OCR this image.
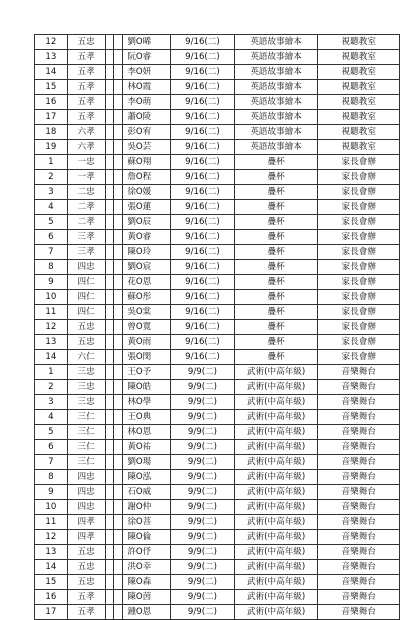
12	五忠			劉O晞	9/16(二)	英語故事繪本	視聽教室
13	五孝			阮O睿	9/16(二)	英語故事繪本	視聽教室
14	五孝			李O妍	9/16(二)	英語故事繪本	視聽教室
15	五孝			林O霞	9/16(二)	英語故事繪本	視聽教室
16	五孝			李O萌	9/16(二)	英語故事繪本	視聽教室
17	五孝			蕭O陵	9/16(二)	英語故事繪本	視聽教室
18	六孝			彭O宥	9/16(二)	英語故事繪本	視聽教室
19	六孝			吳O芸	9/16(二)	英語故事繪本	視聽教室
1	一忠			蘇O翔	9/16(二)	疊杯	家長會辦
2	一孝			詹O程	9/16(二)	疊杯	家長會辦
3	二忠			徐O媛	9/16(二)	疊杯	家長會辦
4	二孝			張O蓮	9/16(二)	疊杯	家長會辦
5	二孝			劉O辰	9/16(二)	疊杯	家長會辦
6	三孝			黃O睿	9/16(二)	疊杯	家長會辦
7	三孝			陳O玲	9/16(二)	疊杯	家長會辦
8	四忠			劉O宸	9/16(二)	疊杯	家長會辦
9	四仁			花O恩	9/16(二)	疊杯	家長會辦
10	四仁			蘇O彤	9/16(二)	疊杯	家長會辦
11	四仁			吳O棠	9/16(二)	疊杯	家長會辦
12	五忠			曾O寬	9/16(二)	疊杯	家長會辦
13	五忠			黃O雨	9/16(二)	疊杯	家長會辦
14	六仁			張O閔	9/16(二)	疊杯	家長會辦
1	三忠			王O予	9/9(二)	武術(中高年級)	音樂舞台
2	三忠			陳O皓	9/9(二)	武術(中高年級)	音樂舞台
3	三忠			林O學	9/9(二)	武術(中高年級)	音樂舞台
4	三仁			王O典	9/9(二)	武術(中高年級)	音樂舞台
5	三仁			林O恩	9/9(二)	武術(中高年級)	音樂舞台
6	三仁			黃O祐	9/9(二)	武術(中高年級)	音樂舞台
7	三仁			劉O瑒	9/9(二)	武術(中高年級)	音樂舞台
8	四忠			陳O泓	9/9(二)	武術(中高年級)	音樂舞台
9	四忠			石O威	9/9(二)	武術(中高年級)	音樂舞台
10	四忠			謝O仲	9/9(二)	武術(中高年級)	音樂舞台
11	四孝			徐O菩	9/9(二)	武術(中高年級)	音樂舞台
12	四孝			陳O倫	9/9(二)	武術(中高年級)	音樂舞台
13	五忠			許O伃	9/9(二)	武術(中高年級)	音樂舞台
14	五忠			洪O幸	9/9(二)	武術(中高年級)	音樂舞台
15	五忠			陳O森	9/9(二)	武術(中高年級)	音樂舞台
16	五孝			陳O茵	9/9(二)	武術(中高年級)	音樂舞台
17	五孝			鍾O恩	9/9(二)	武術(中高年級)	音樂舞台
